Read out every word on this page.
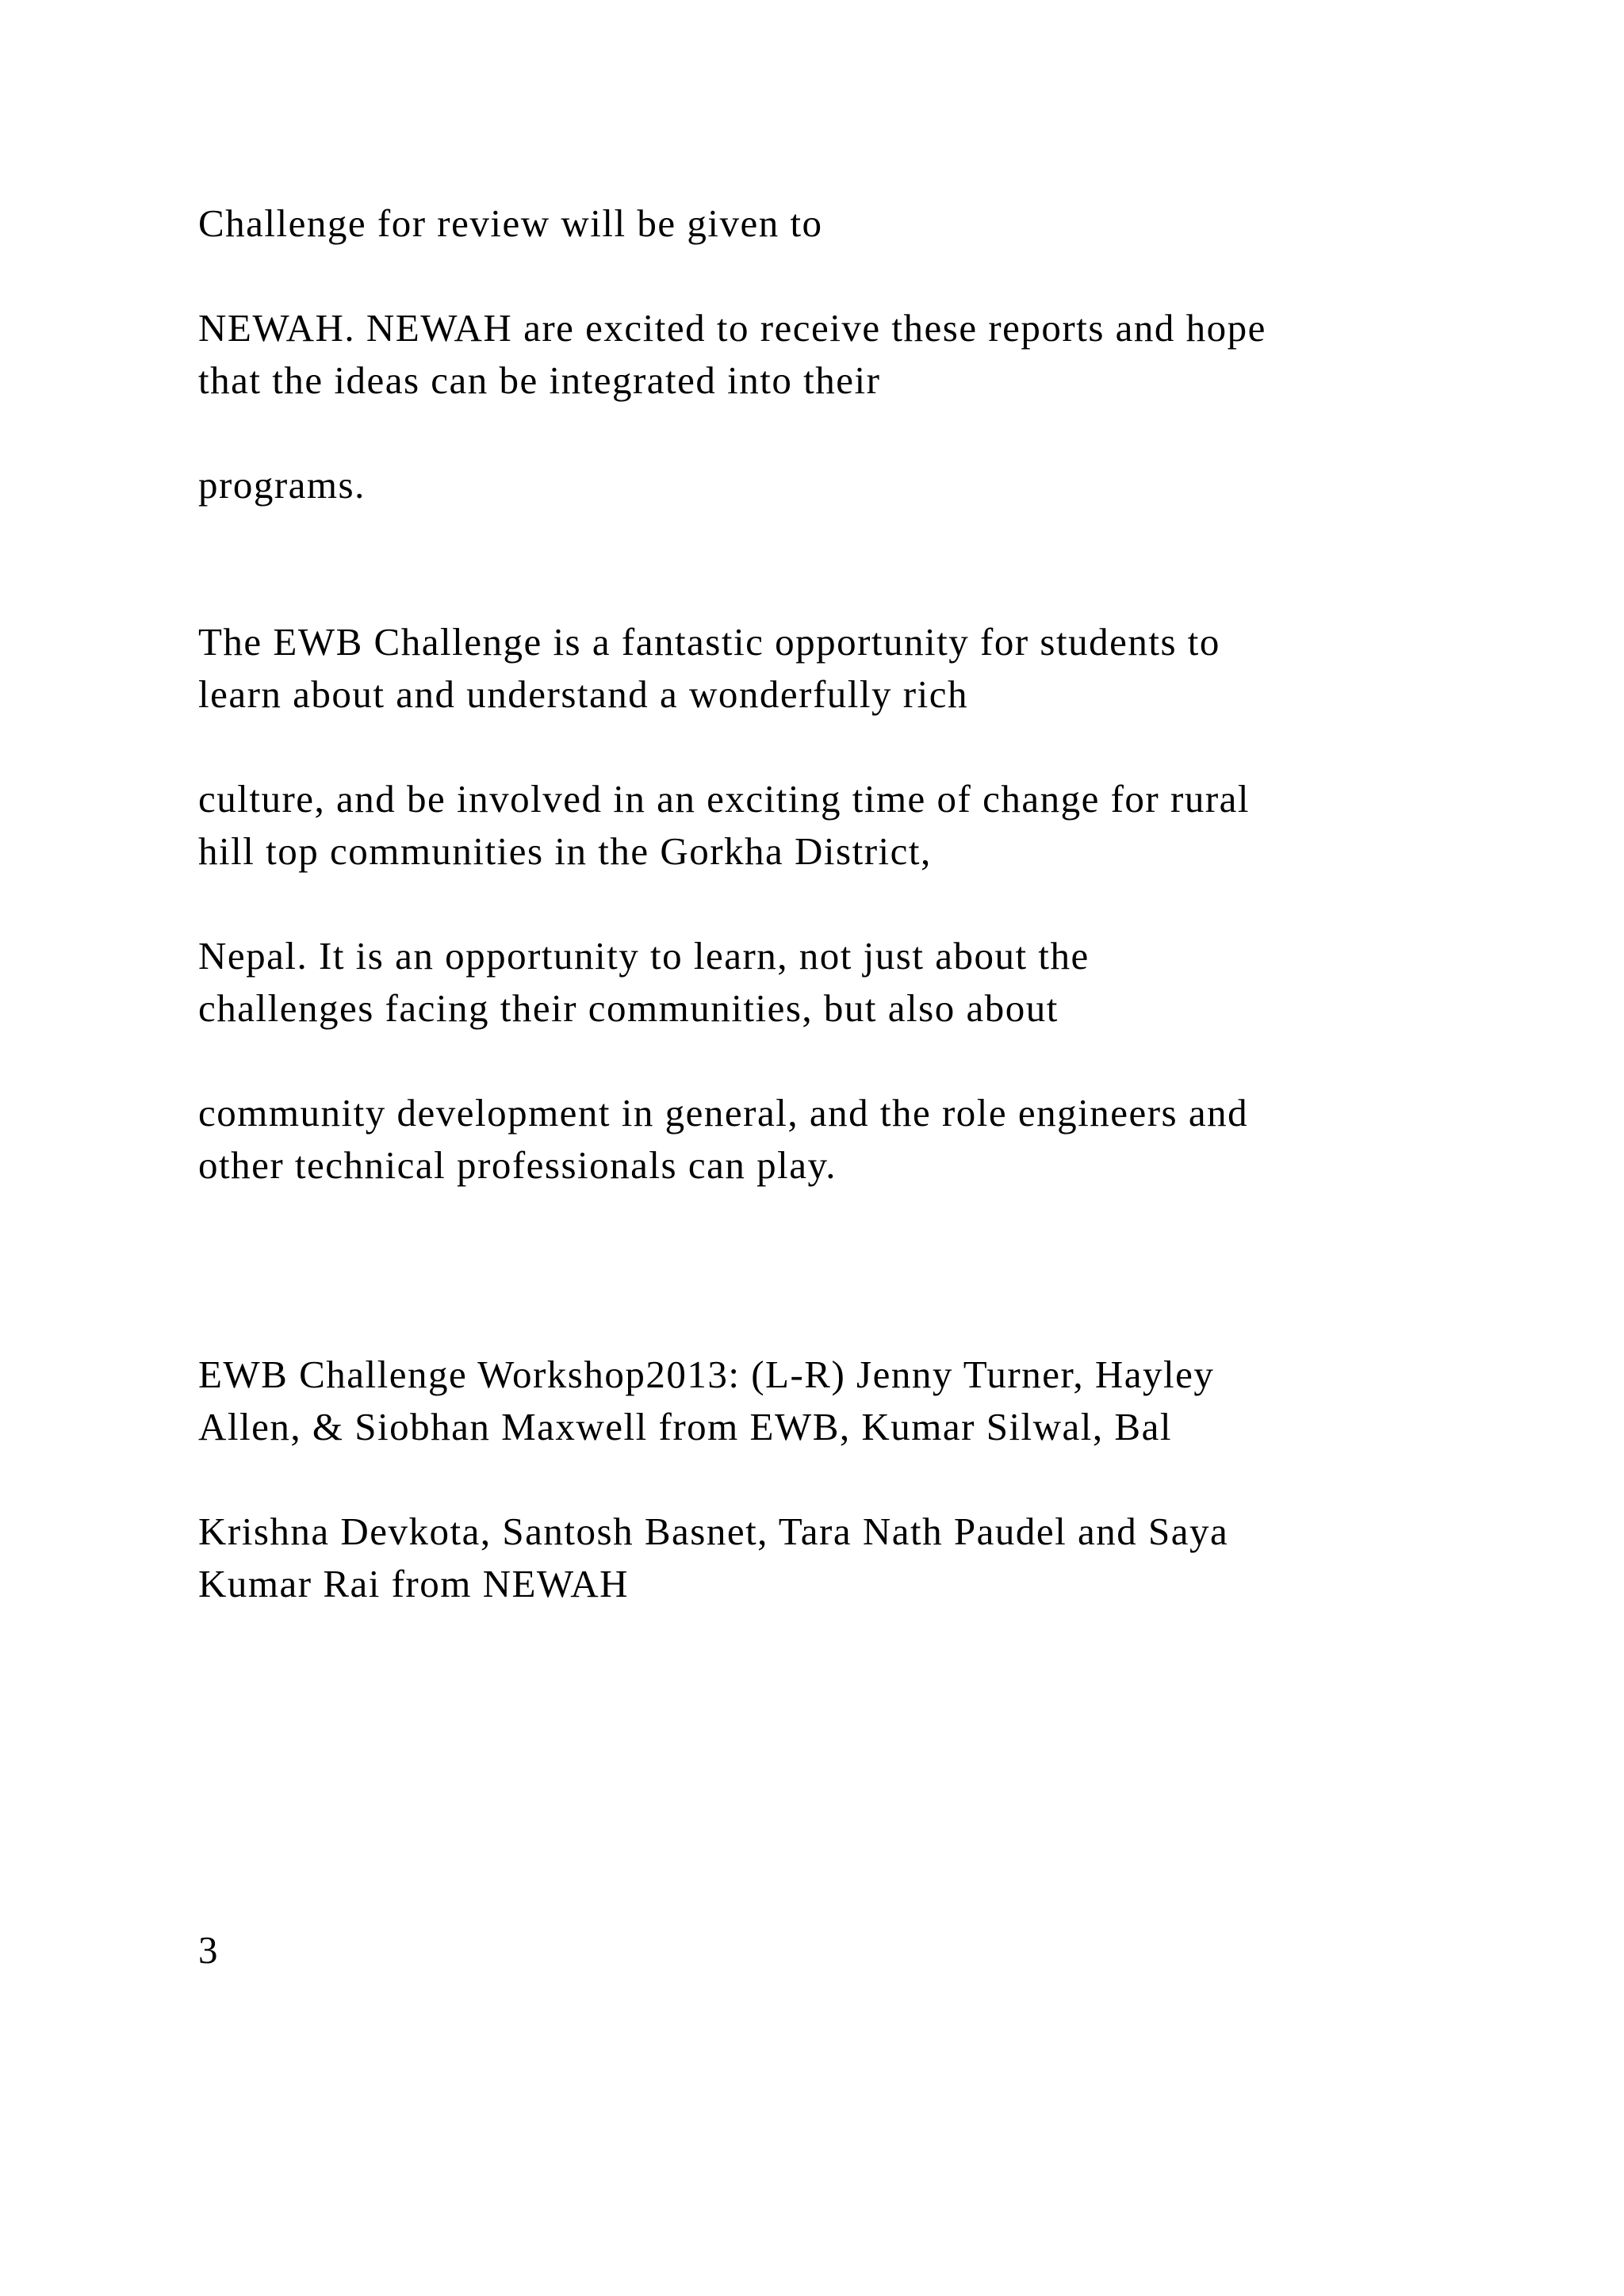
Challenge for review will be given to

NEWAH. NEWAH are excited to receive these reports and hope

that the ideas can be integrated into their

programs.

The EWB Challenge is a fantastic opportunity for students to

learn about and understand a wonderfully rich

culture, and be involved in an exciting time of change for rural

hill top communities in the Gorkha District,

Nepal. It is an opportunity to learn, not just about the

challenges facing their communities, but also about

community development in general, and the role engineers and

other technical professionals can play.

EWB Challenge Workshop2013: (L-R) Jenny Turner, Hayley

Allen, & Siobhan Maxwell from EWB, Kumar Silwal, Bal

Krishna Devkota, Santosh Basnet, Tara Nath Paudel and Saya

Kumar Rai from NEWAH

3
